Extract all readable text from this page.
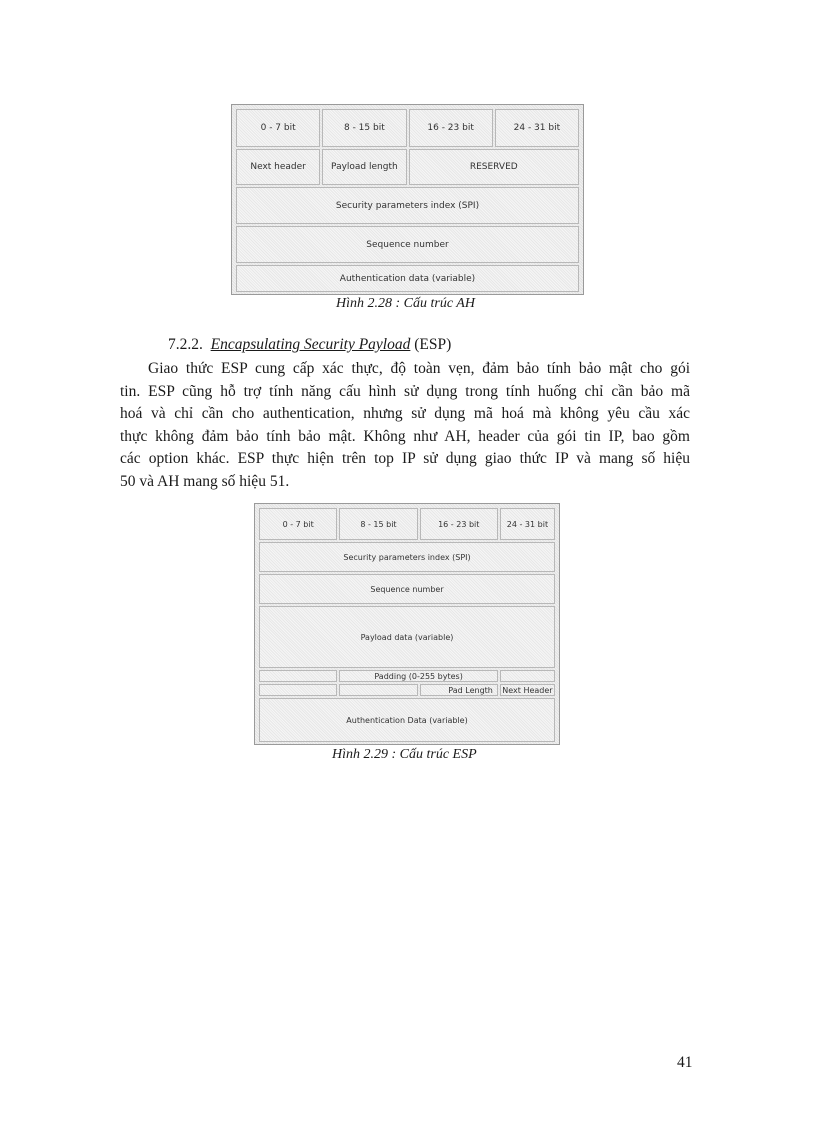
0 - 7 bit	8 - 15 bit	16 - 23 bit	24 - 31 bit
Next header	Payload length	RESERVED	
Security parameters index (SPI)			
Sequence number			
Authentication data (variable)			
Hình 2.28 : Cấu trúc AH
7.2.2. Encapsulating Security Payload (ESP)
Giao thức ESP cung cấp xác thực, độ toàn vẹn, đảm bảo tính bảo mật cho gói
tin. ESP cũng hỗ trợ tính năng cấu hình sử dụng trong tính huống chỉ cần bảo mã
hoá và chỉ cần cho authentication, nhưng sử dụng mã hoá mà không yêu cầu xác
thực không đảm bảo tính bảo mật. Không như AH, header của gói tin IP, bao gồm
các option khác. ESP thực hiện trên top IP sử dụng giao thức IP và mang số hiệu
50 và AH mang số hiệu 51.
0 - 7 bit	8 - 15 bit	16 - 23 bit	24 - 31 bit
Security parameters index (SPI)			
Sequence number			
Payload data (variable)			
	Padding (0-255 bytes)		
		Pad Length	Next Header
Authentication Data (variable)			
Hình 2.29 : Cấu trúc ESP
41
